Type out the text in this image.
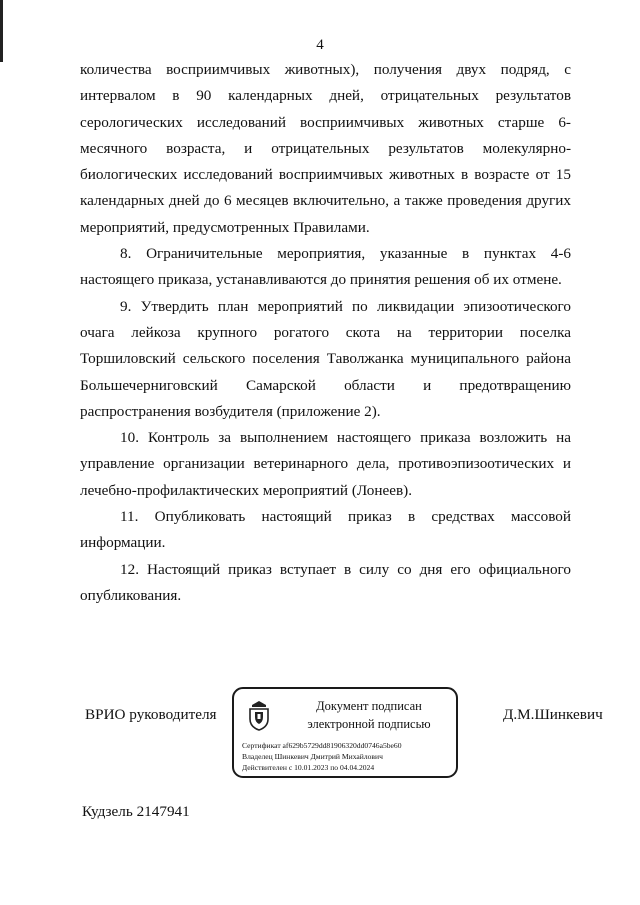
4

количества восприимчивых животных), получения двух подряд, с интервалом в 90 календарных дней, отрицательных результатов серологических исследований восприимчивых животных старше 6-месячного возраста, и отрицательных результатов молекулярно-биологических исследований восприимчивых животных в возрасте от 15 календарных дней до 6 месяцев включительно, а также проведения других мероприятий, предусмотренных Правилами.

8. Ограничительные мероприятия, указанные в пунктах 4-6 настоящего приказа, устанавливаются до принятия решения об их отмене.

9. Утвердить план мероприятий по ликвидации эпизоотического очага лейкоза крупного рогатого скота на территории поселка Торшиловский сельского поселения Таволжанка муниципального района Большечерниговский Самарской области и предотвращению распространения возбудителя (приложение 2).

10. Контроль за выполнением настоящего приказа возложить на управление организации ветеринарного дела, противоэпизоотических и лечебно-профилактических мероприятий (Лонеев).

11. Опубликовать настоящий приказ в средствах массовой информации.

12. Настоящий приказ вступает в силу со дня его официального опубликования.

ВРИО руководителя	Документ подписан
электронной подписью
Сертификат af629b5729dd81906320dd0746a5be60
Владелец Шинкевич Дмитрий Михайлович
Действителен с 10.01.2023 по 04.04.2024
Д.М.Шинкевич
Кудзель 2147941
